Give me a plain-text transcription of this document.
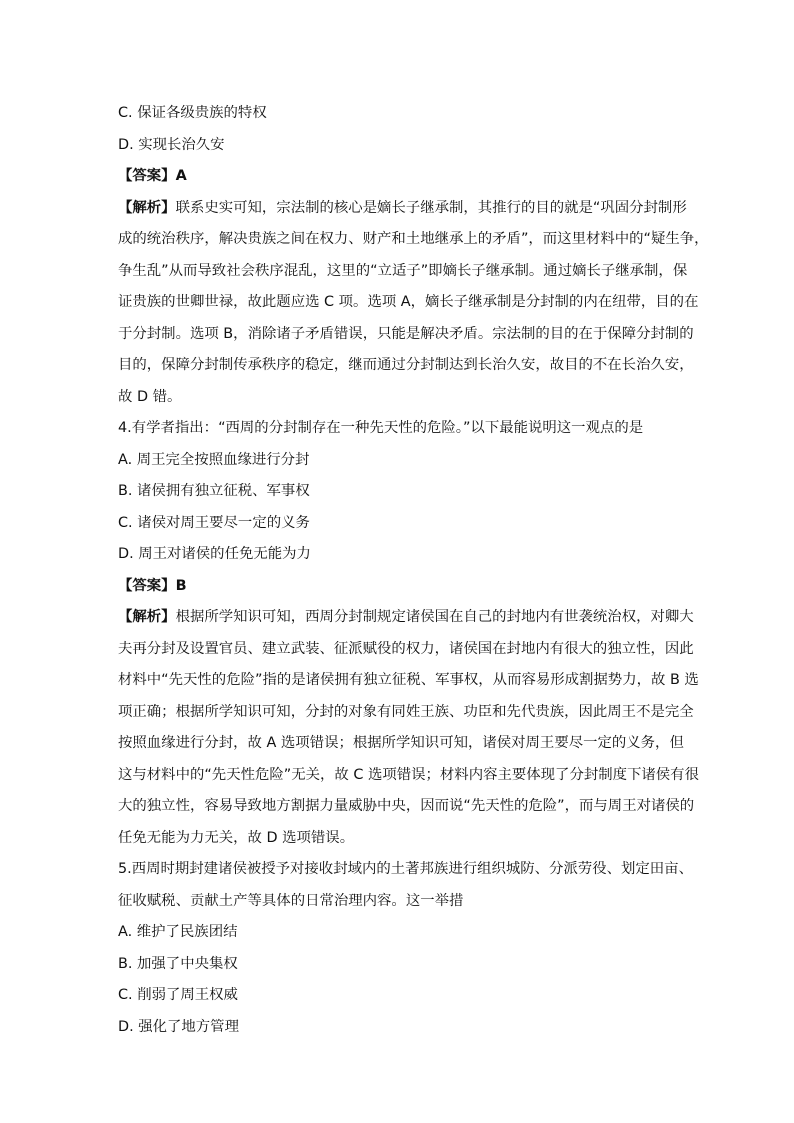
C. 保证各级贵族的特权

D. 实现长治久安

【答案】A

【解析】联系史实可知，宗法制的核心是嫡长子继承制，其推行的目的就是“巩固分封制形

成的统治秩序，解决贵族之间在权力、财产和土地继承上的矛盾”，而这里材料中的“疑生争，

争生乱”从而导致社会秩序混乱，这里的“立适子”即嫡长子继承制。通过嫡长子继承制，保

证贵族的世卿世禄，故此题应选 C 项。选项 A，嫡长子继承制是分封制的内在纽带，目的在

于分封制。选项 B，消除诸子矛盾错误，只能是解决矛盾。宗法制的目的在于保障分封制的

目的，保障分封制传承秩序的稳定，继而通过分封制达到长治久安，故目的不在长治久安，

故 D 错。

4.有学者指出：“西周的分封制存在一种先天性的危险。”以下最能说明这一观点的是

A. 周王完全按照血缘进行分封

B. 诸侯拥有独立征税、军事权

C. 诸侯对周王要尽一定的义务

D. 周王对诸侯的任免无能为力

【答案】B

【解析】根据所学知识可知，西周分封制规定诸侯国在自己的封地内有世袭统治权，对卿大

夫再分封及设置官员、建立武装、征派赋役的权力，诸侯国在封地内有很大的独立性，因此

材料中“先天性的危险”指的是诸侯拥有独立征税、军事权，从而容易形成割据势力，故 B 选

项正确；根据所学知识可知，分封的对象有同姓王族、功臣和先代贵族，因此周王不是完全

按照血缘进行分封，故 A 选项错误；根据所学知识可知，诸侯对周王要尽一定的义务，但

这与材料中的“先天性危险”无关，故 C 选项错误；材料内容主要体现了分封制度下诸侯有很

大的独立性，容易导致地方割据力量威胁中央，因而说“先天性的危险”，而与周王对诸侯的

任免无能为力无关，故 D 选项错误。

5.西周时期封建诸侯被授予对接收封域内的土著邦族进行组织城防、分派劳役、划定田亩、

征收赋税、贡献土产等具体的日常治理内容。这一举措

A. 维护了民族团结

B. 加强了中央集权

C. 削弱了周王权威

D. 强化了地方管理
